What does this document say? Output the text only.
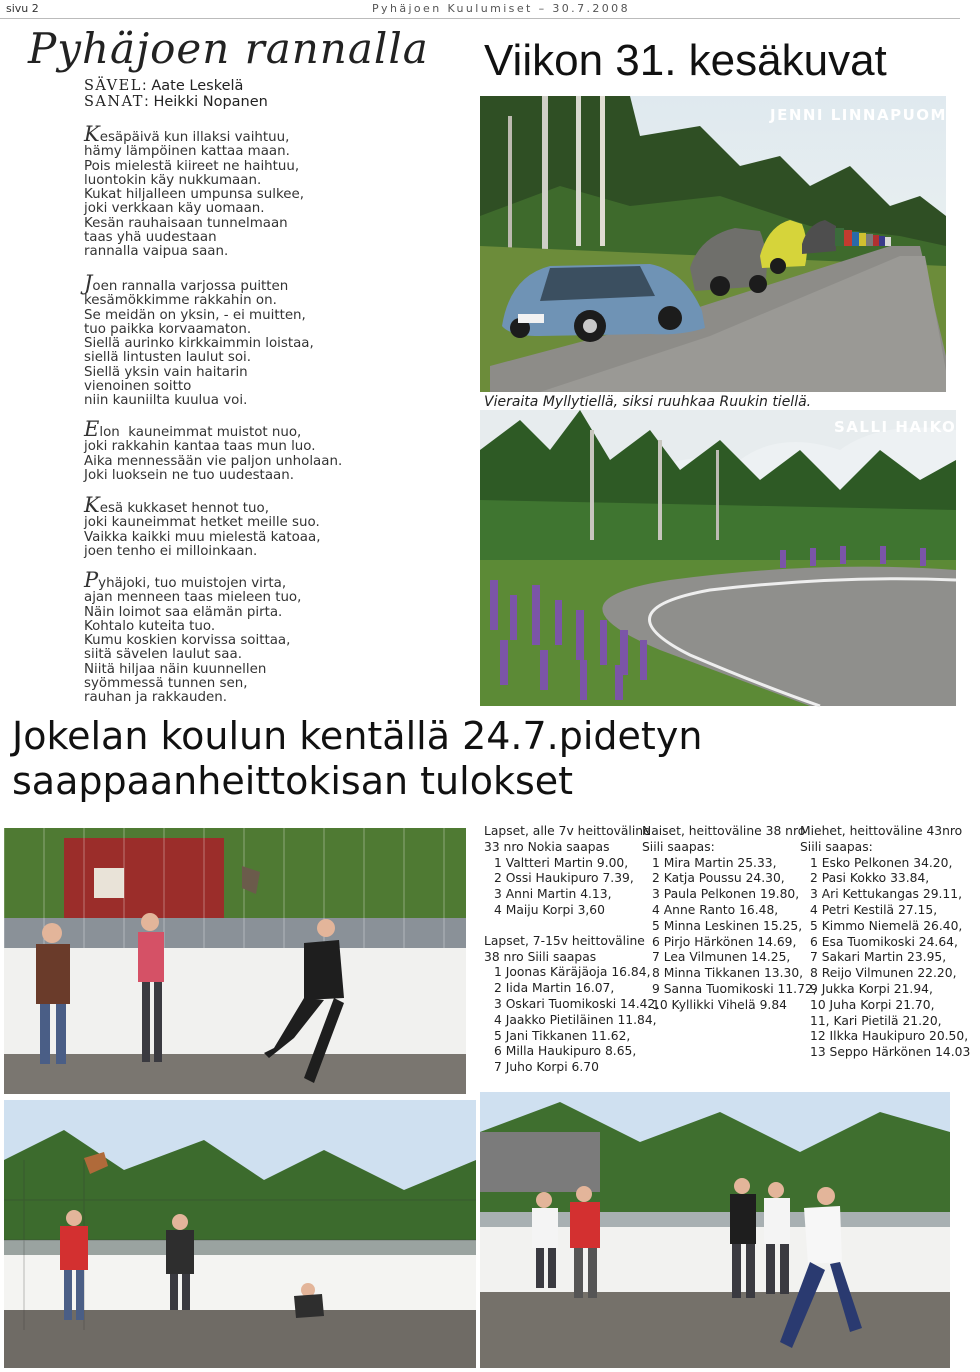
sivu 2	Pyhäjoen Kuulumiset – 30.7.2008
Pyhäjoen rannalla
SÄVEL: Aate Leskelä
SANAT: Heikki Nopanen
Kesäpäivä kun illaksi vaihtuu,
hämy lämpöinen kattaa maan.
Pois mielestä kiireet ne haihtuu,
luontokin käy nukkumaan.
Kukat hiljalleen umpunsa sulkee,
joki verkkaan käy uomaan.
Kesän rauhaisaan tunnelmaan
taas yhä uudestaan
rannalla vaipua saan.
Joen rannalla varjossa puitten
kesämökkimme rakkahin on.
Se meidän on yksin, - ei muitten,
tuo paikka korvaamaton.
Siellä aurinko kirkkaimmin loistaa,
siellä lintusten laulut soi.
Siellä yksin vain haitarin
vienoinen soitto
niin kauniilta kuulua voi.
Elon  kauneimmat muistot nuo,
joki rakkahin kantaa taas mun luo.
Aika mennessään vie paljon unholaan.
Joki luoksein ne tuo uudestaan.
Kesä kukkaset hennot tuo,
joki kauneimmat hetket meille suo.
Vaikka kaikki muu mielestä katoaa,
joen tenho ei milloinkaan.
Pyhäjoki, tuo muistojen virta,
ajan menneen taas mieleen tuo,
Näin loimot saa elämän pirta.
Kohtalo kuteita tuo.
Kumu koskien korvissa soittaa,
siitä sävelen laulut saa.
Niitä hiljaa näin kuunnellen
syömmessä tunnen sen,
rauhan ja rakkauden.
Viikon 31. kesäkuvat
JENNI LINNAPUOMI
Vieraita Myllytiellä, siksi ruuhkaa Ruukin tiellä.
SALLI HAIKOLA
Jokelan koulun kentällä 24.7.pidetyn
saappaanheittokisan tulokset
Lapset, alle 7v heittoväline
33 nro Nokia saapas
1 Valtteri Martin 9.00,
2 Ossi Haukipuro 7.39,
3 Anni Martin 4.13,
4 Maiju Korpi 3,60
Lapset, 7-15v heittoväline
38 nro Siili saapas
1 Joonas Käräjäoja 16.84,
2 Iida Martin 16.07,
3 Oskari Tuomikoski 14.42,
4 Jaakko Pietiläinen 11.84,
5 Jani Tikkanen 11.62,
6 Milla Haukipuro 8.65,
7 Juho Korpi 6.70
Naiset, heittoväline 38 nro
Siili saapas:
1 Mira Martin 25.33,
2 Katja Poussu 24.30,
3 Paula Pelkonen 19.80,
4 Anne Ranto 16.48,
5 Minna Leskinen 15.25,
6 Pirjo Härkönen 14.69,
7 Lea Vilmunen 14.25,
8 Minna Tikkanen 13.30,
9 Sanna Tuomikoski 11.72,
10 Kyllikki Vihelä 9.84
Miehet, heittoväline 43nro
Siili saapas:
1 Esko Pelkonen 34.20,
2 Pasi Kokko 33.84,
3 Ari Kettukangas 29.11,
4 Petri Kestilä 27.15,
5 Kimmo Niemelä 26.40,
6 Esa Tuomikoski 24.64,
7 Sakari Martin 23.95,
8 Reijo Vilmunen 22.20,
9 Jukka Korpi 21.94,
10 Juha Korpi 21.70,
11, Kari Pietilä 21.20,
12 Ilkka Haukipuro 20.50,
13 Seppo Härkönen 14.03
